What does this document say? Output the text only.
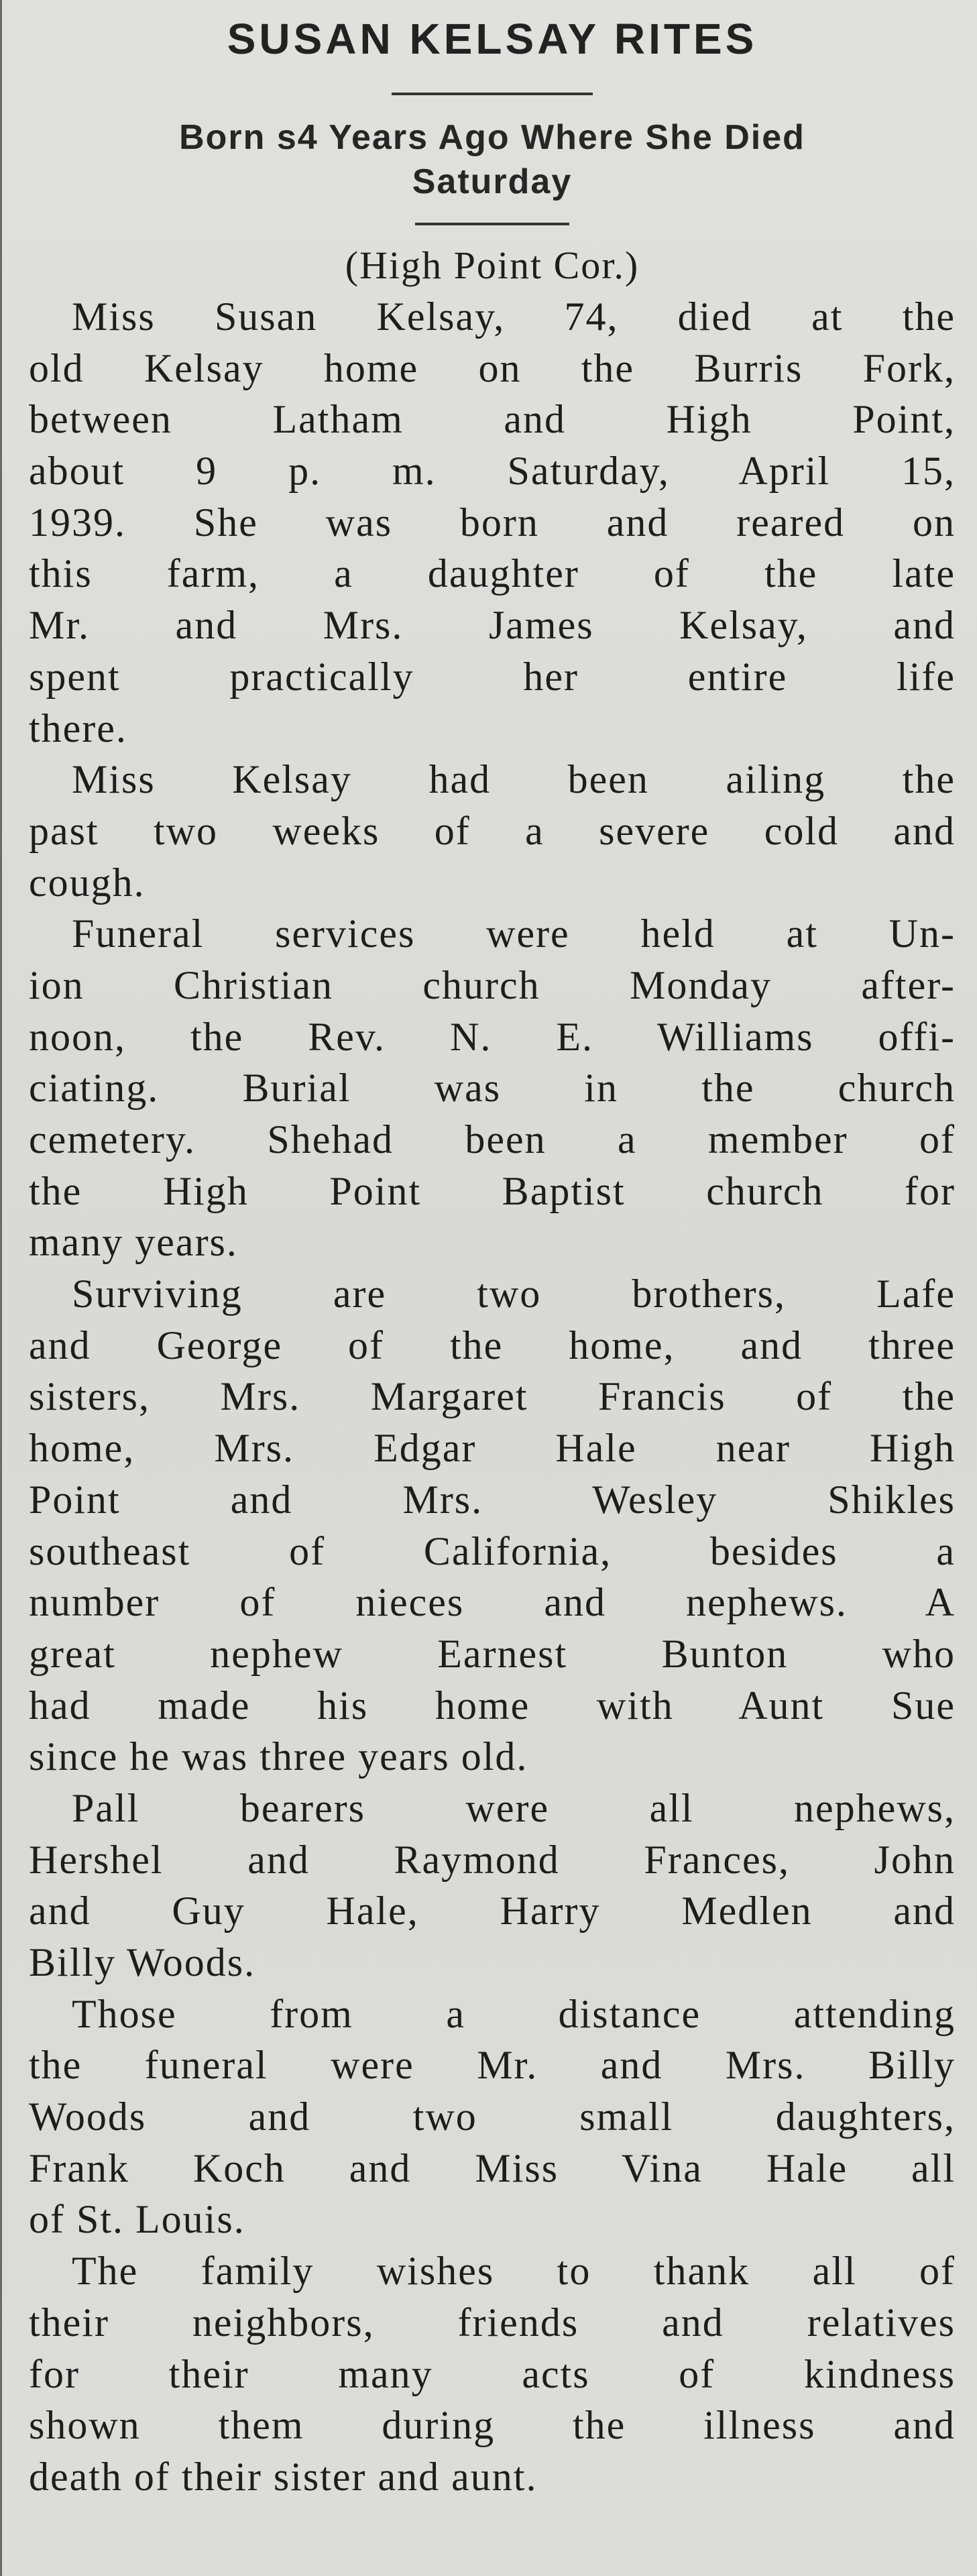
SUSAN KELSAY RITES

Born s4 Years Ago Where She Died

Saturday

(High Point Cor.)

Miss Susan Kelsay, 74, died at the
old Kelsay home on the Burris Fork,
between Latham and High Point,
about 9 p. m. Saturday, April 15,
1939. She was born and reared on
this farm, a daughter of the late
Mr. and Mrs. James Kelsay, and
spent practically her entire life
there.
Miss Kelsay had been ailing the
past two weeks of a severe cold and
cough.
Funeral services were held at Un-
ion Christian church Monday after-
noon, the Rev. N. E. Williams offi-
ciating. Burial was in the church
cemetery. Shehad been a member of
the High Point Baptist church for
many years.
Surviving are two brothers, Lafe
and George of the home, and three
sisters, Mrs. Margaret Francis of the
home, Mrs. Edgar Hale near High
Point and Mrs. Wesley Shikles
southeast of California, besides a
number of nieces and nephews. A
great nephew Earnest Bunton who
had made his home with Aunt Sue
since he was three years old.
Pall bearers were all nephews,
Hershel and Raymond Frances, John
and Guy Hale, Harry Medlen and
Billy Woods.
Those from a distance attending
the funeral were Mr. and Mrs. Billy
Woods and two small daughters,
Frank Koch and Miss Vina Hale all
of St. Louis.
The family wishes to thank all of
their neighbors, friends and relatives
for their many acts of kindness
shown them during the illness and
death of their sister and aunt.
